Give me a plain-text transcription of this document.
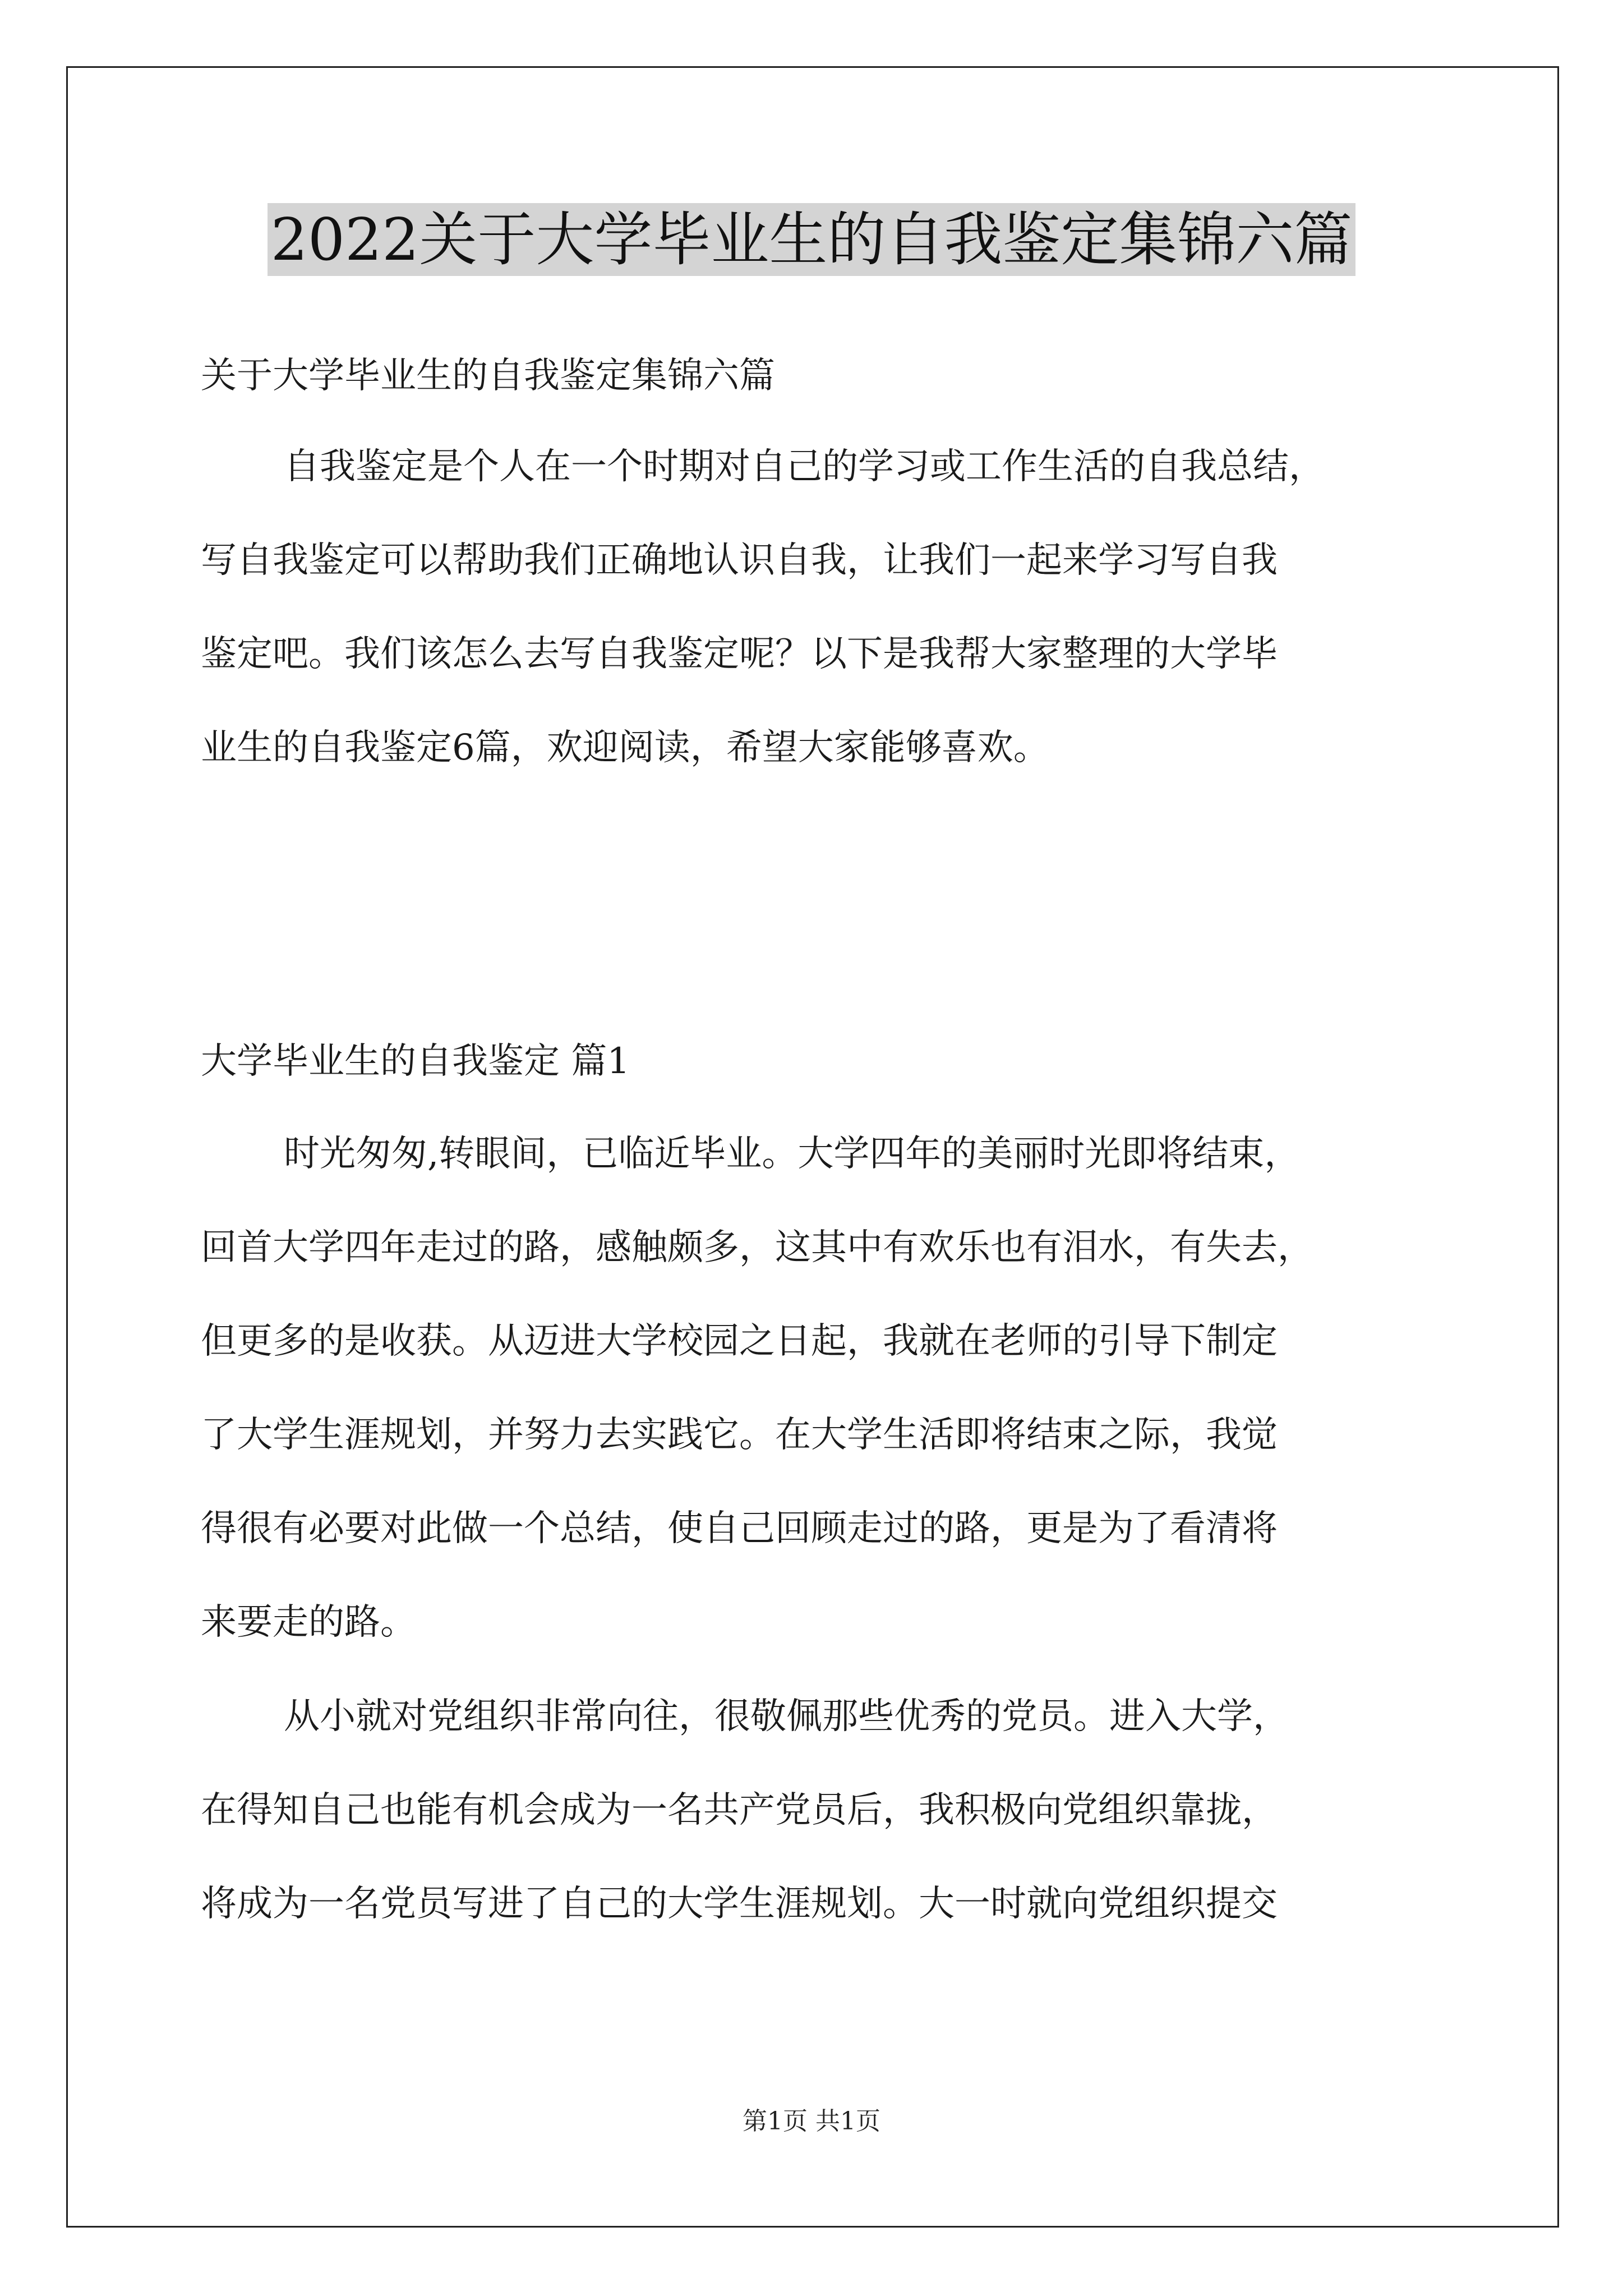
2022关于大学毕业生的自我鉴定集锦六篇
关于大学毕业生的自我鉴定集锦六篇
自我鉴定是个人在一个时期对自己的学习或工作生活的自我总结，
写自我鉴定可以帮助我们正确地认识自我，让我们一起来学习写自我
鉴定吧。我们该怎么去写自我鉴定呢？以下是我帮大家整理的大学毕
业生的自我鉴定6篇，欢迎阅读，希望大家能够喜欢。
大学毕业生的自我鉴定 篇1
时光匆匆,转眼间，已临近毕业。大学四年的美丽时光即将结束，
回首大学四年走过的路，感触颇多，这其中有欢乐也有泪水，有失去，
但更多的是收获。从迈进大学校园之日起，我就在老师的引导下制定
了大学生涯规划，并努力去实践它。在大学生活即将结束之际，我觉
得很有必要对此做一个总结，使自己回顾走过的路，更是为了看清将
来要走的路。
从小就对党组织非常向往，很敬佩那些优秀的党员。进入大学，
在得知自己也能有机会成为一名共产党员后，我积极向党组织靠拢，
将成为一名党员写进了自己的大学生涯规划。大一时就向党组织提交
第1页 共1页
